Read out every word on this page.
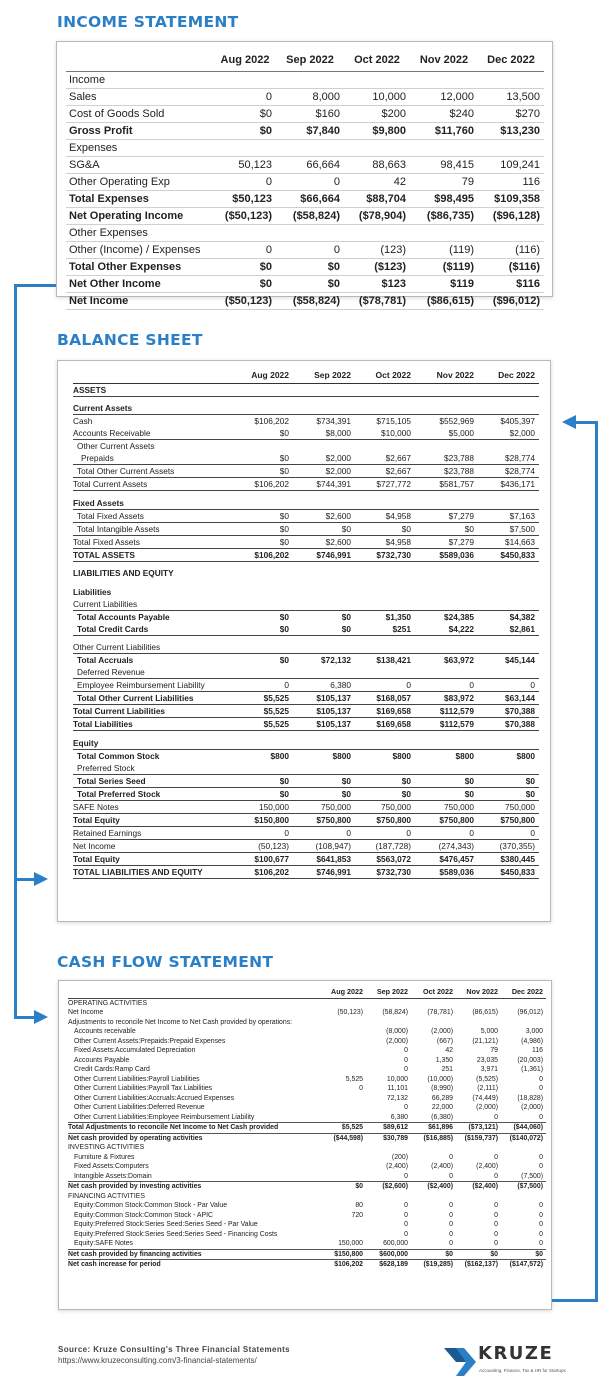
INCOME STATEMENT
BALANCE SHEET
CASH FLOW STATEMENT
	Aug 2022	Sep 2022	Oct 2022	Nov 2022	Dec 2022
Income					
Sales	0	8,000	10,000	12,000	13,500
Cost of Goods Sold	$0	$160	$200	$240	$270
Gross Profit	$0	$7,840	$9,800	$11,760	$13,230
Expenses					
SG&A	50,123	66,664	88,663	98,415	109,241
Other Operating Exp	0	0	42	79	116
Total Expenses	$50,123	$66,664	$88,704	$98,495	$109,358
Net Operating Income	($50,123)	($58,824)	($78,904)	($86,735)	($96,128)
Other Expenses					
Other (Income) / Expenses	0	0	(123)	(119)	(116)
Total Other Expenses	$0	$0	($123)	($119)	($116)
Net Other Income	$0	$0	$123	$119	$116
Net Income	($50,123)	($58,824)	($78,781)	($86,615)	($96,012)
	Aug 2022	Sep 2022	Oct 2022	Nov 2022	Dec 2022
ASSETS					

Current Assets					
Cash	$106,202	$734,391	$715,105	$552,969	$405,397
Accounts Receivable	$0	$8,000	$10,000	$5,000	$2,000
Other Current Assets					
Prepaids	$0	$2,000	$2,667	$23,788	$28,774
Total Other Current Assets	$0	$2,000	$2,667	$23,788	$28,774
Total Current Assets	$106,202	$744,391	$727,772	$581,757	$436,171

Fixed Assets					
Total Fixed Assets	$0	$2,600	$4,958	$7,279	$7,163
Total Intangible Assets	$0	$0	$0	$0	$7,500
Total Fixed Assets	$0	$2,600	$4,958	$7,279	$14,663
TOTAL ASSETS	$106,202	$746,991	$732,730	$589,036	$450,833

LIABILITIES AND EQUITY					

Liabilities					
Current Liabilities					
Total Accounts Payable	$0	$0	$1,350	$24,385	$4,382
Total Credit Cards	$0	$0	$251	$4,222	$2,861

Other Current Liabilities					
Total Accruals	$0	$72,132	$138,421	$63,972	$45,144
Deferred Revenue					
Employee Reimbursement Liability	0	6,380	0	0	0
Total Other Current Liabilities	$5,525	$105,137	$168,057	$83,972	$63,144
Total Current Liabilities	$5,525	$105,137	$169,658	$112,579	$70,388
Total Liabilities	$5,525	$105,137	$169,658	$112,579	$70,388

Equity					
Total Common Stock	$800	$800	$800	$800	$800
Preferred Stock					
Total Series Seed	$0	$0	$0	$0	$0
Total Preferred Stock	$0	$0	$0	$0	$0
SAFE Notes	150,000	750,000	750,000	750,000	750,000
Total Equity	$150,800	$750,800	$750,800	$750,800	$750,800
Retained Earnings	0	0	0	0	0
Net Income	(50,123)	(108,947)	(187,728)	(274,343)	(370,355)
Total Equity	$100,677	$641,853	$563,072	$476,457	$380,445
TOTAL LIABILITIES AND EQUITY	$106,202	$746,991	$732,730	$589,036	$450,833
	Aug 2022	Sep 2022	Oct 2022	Nov 2022	Dec 2022
OPERATING ACTIVITIES					
Net Income	(50,123)	(58,824)	(78,781)	(86,615)	(96,012)
Adjustments to reconcile Net Income to Net Cash provided by operations:					
Accounts receivable		(8,000)	(2,000)	5,000	3,000
Other Current Assets:Prepaids:Prepaid Expenses		(2,000)	(667)	(21,121)	(4,986)
Fixed Assets:Accumulated Depreciation		0	42	79	116
Accounts Payable		0	1,350	23,035	(20,003)
Credit Cards:Ramp Card		0	251	3,971	(1,361)
Other Current Liabilities:Payroll Liabilities	5,525	10,000	(10,000)	(5,525)	0
Other Current Liabilities:Payroll Tax Liabilities	0	11,101	(8,990)	(2,111)	0
Other Current Liabilities:Accruals:Accrued Expenses		72,132	66,289	(74,449)	(18,828)
Other Current Liabilities:Deferred Revenue		0	22,000	(2,000)	(2,000)
Other Current Liabilities:Employee Reimbursement Liability		6,380	(6,380)	0	0
Total Adjustments to reconcile Net Income to Net Cash provided	$5,525	$89,612	$61,896	($73,121)	($44,060)
Net cash provided by operating activities	($44,598)	$30,789	($16,885)	($159,737)	($140,072)
INVESTING ACTIVITIES					
Furniture & Fixtures		(200)	0	0	0
Fixed Assets:Computers		(2,400)	(2,400)	(2,400)	0
Intangible Assets:Domain		0	0	0	(7,500)
Net cash provided by investing activities	$0	($2,600)	($2,400)	($2,400)	($7,500)
FINANCING ACTIVITIES					
Equity:Common Stock:Common Stock - Par Value	80	0	0	0	0
Equity:Common Stock:Common Stock - APIC	720	0	0	0	0
Equity:Preferred Stock:Series Seed:Series Seed - Par Value		0	0	0	0
Equity:Preferred Stock:Series Seed:Series Seed - Financing Costs		0	0	0	0
Equity:SAFE Notes	150,000	600,000	0	0	0
Net cash provided by financing activities	$150,800	$600,000	$0	$0	$0
Net cash increase for period	$106,202	$628,189	($19,285)	($162,137)	($147,572)
Source: Kruze Consulting's Three Financial Statements
https://www.kruzeconsulting.com/3-financial-statements/	KRUZE
Accounting, Finance, Tax & HR for Startups
